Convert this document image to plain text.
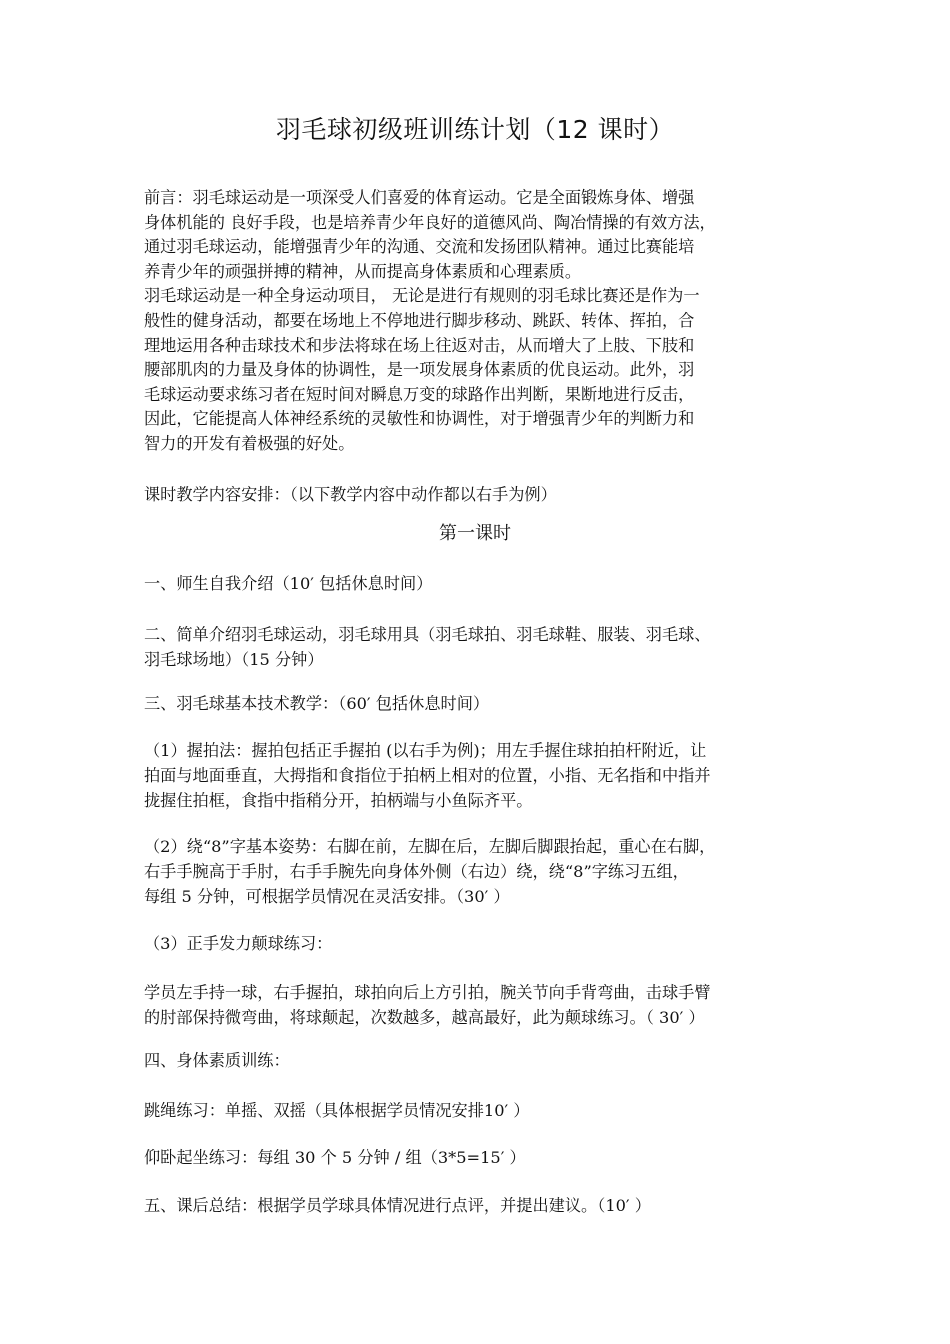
羽毛球初级班训练计划（12 课时）

前言：羽毛球运动是一项深受人们喜爱的体育运动。它是全面锻炼身体、增强

身体机能的 良好手段，也是培养青少年良好的道德风尚、陶冶情操的有效方法，

通过羽毛球运动，能增强青少年的沟通、交流和发扬团队精神。通过比赛能培

养青少年的顽强拼搏的精神，从而提高身体素质和心理素质。

羽毛球运动是一种全身运动项目， 无论是进行有规则的羽毛球比赛还是作为一

般性的健身活动，都要在场地上不停地进行脚步移动、跳跃、转体、挥拍，合

理地运用各种击球技术和步法将球在场上往返对击，从而增大了上肢、下肢和

腰部肌肉的力量及身体的协调性，是一项发展身体素质的优良运动。此外，羽

毛球运动要求练习者在短时间对瞬息万变的球路作出判断，果断地进行反击，

因此，它能提高人体神经系统的灵敏性和协调性，对于增强青少年的判断力和

智力的开发有着极强的好处。

课时教学内容安排：（以下教学内容中动作都以右手为例）

第一课时

一、师生自我介绍（10′ 包括休息时间）

二、简单介绍羽毛球运动，羽毛球用具（羽毛球拍、羽毛球鞋、服装、羽毛球、
羽毛球场地）（15 分钟）

三、羽毛球基本技术教学：（60′ 包括休息时间）

（1）握拍法：握拍包括正手握拍 (以右手为例)；用左手握住球拍拍杆附近，让
拍面与地面垂直，大拇指和食指位于拍柄上相对的位置，小指、无名指和中指并
拢握住拍框，食指中指稍分开，拍柄端与小鱼际齐平。
（2）绕“8”字基本姿势：右脚在前，左脚在后，左脚后脚跟抬起，重心在右脚，
右手手腕高于手肘，右手手腕先向身体外侧（右边）绕，绕“8”字练习五组，
每组 5 分钟，可根据学员情况在灵活安排。（30′ ）

（3）正手发力颠球练习：

学员左手持一球，右手握拍，球拍向后上方引拍，腕关节向手背弯曲，击球手臂
的肘部保持微弯曲，将球颠起，次数越多，越高最好，此为颠球练习。（ 30′ ）

四、身体素质训练：

跳绳练习：单摇、双摇（具体根据学员情况安排10′ ）

仰卧起坐练习：每组 30 个 5 分钟 / 组（3*5=15′ ）

五、课后总结：根据学员学球具体情况进行点评，并提出建议。（10′ ）
